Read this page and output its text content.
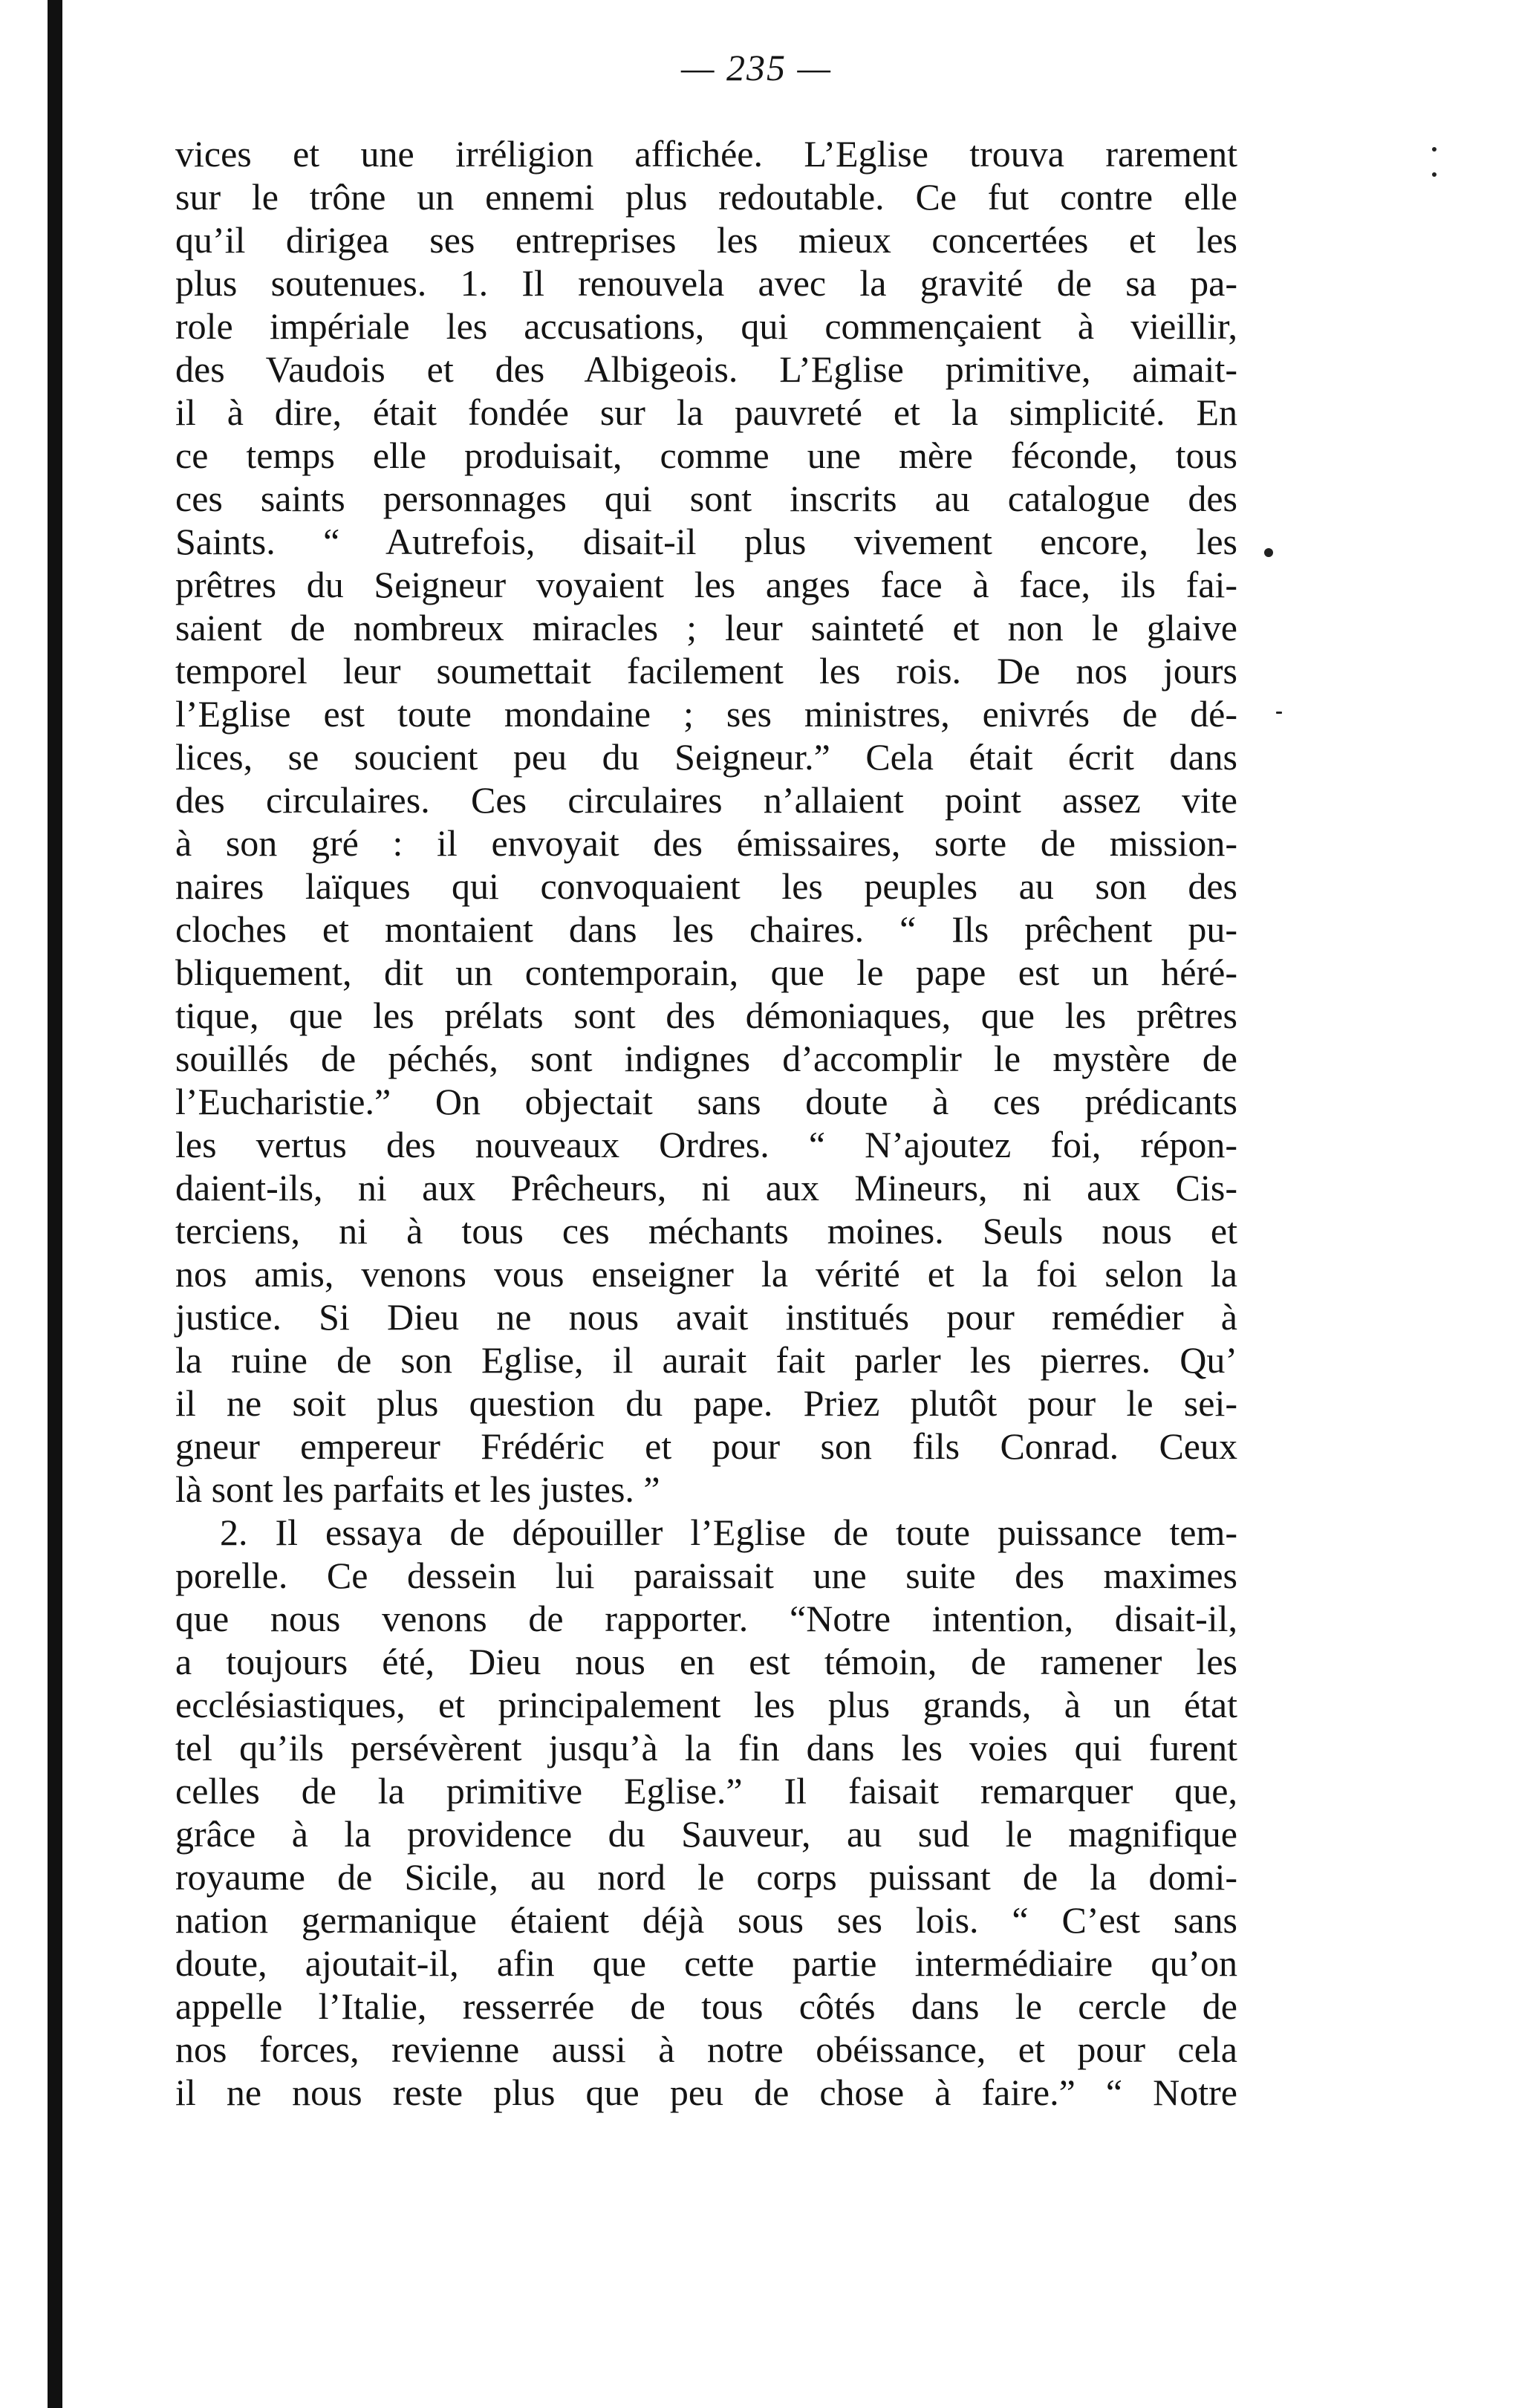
— 235 —
vices et une irréligion affichée. L’Eglise trouva rarement
sur le trône un ennemi plus redoutable. Ce fut contre elle
qu’il dirigea ses entreprises les mieux concertées et les
plus soutenues. 1. Il renouvela avec la gravité de sa pa-
role impériale les accusations, qui commençaient à vieillir,
des Vaudois et des Albigeois. L’Eglise primitive, aimait-
il à dire, était fondée sur la pauvreté et la simplicité. En
ce temps elle produisait, comme une mère féconde, tous
ces saints personnages qui sont inscrits au catalogue des
Saints. “ Autrefois, disait-il plus vivement encore, les
prêtres du Seigneur voyaient les anges face à face, ils fai-
saient de nombreux miracles ; leur sainteté et non le glaive
temporel leur soumettait facilement les rois. De nos jours
l’Eglise est toute mondaine ; ses ministres, enivrés de dé-
lices, se soucient peu du Seigneur.” Cela était écrit dans
des circulaires. Ces circulaires n’allaient point assez vite
à son gré : il envoyait des émissaires, sorte de mission-
naires laïques qui convoquaient les peuples au son des
cloches et montaient dans les chaires. “ Ils prêchent pu-
bliquement, dit un contemporain, que le pape est un héré-
tique, que les prélats sont des démoniaques, que les prêtres
souillés de péchés, sont indignes d’accomplir le mystère de
l’Eucharistie.” On objectait sans doute à ces prédicants
les vertus des nouveaux Ordres. “ N’ajoutez foi, répon-
daient-ils, ni aux Prêcheurs, ni aux Mineurs, ni aux Cis-
terciens, ni à tous ces méchants moines. Seuls nous et
nos amis, venons vous enseigner la vérité et la foi selon la
justice. Si Dieu ne nous avait institués pour remédier à
la ruine de son Eglise, il aurait fait parler les pierres. Qu’
il ne soit plus question du pape. Priez plutôt pour le sei-
gneur empereur Frédéric et pour son fils Conrad. Ceux
là sont les parfaits et les justes. ”
2. Il essaya de dépouiller l’Eglise de toute puissance tem-
porelle. Ce dessein lui paraissait une suite des maximes
que nous venons de rapporter. “Notre intention, disait-il,
a toujours été, Dieu nous en est témoin, de ramener les
ecclésiastiques, et principalement les plus grands, à un état
tel qu’ils persévèrent jusqu’à la fin dans les voies qui furent
celles de la primitive Eglise.” Il faisait remarquer que,
grâce à la providence du Sauveur, au sud le magnifique
royaume de Sicile, au nord le corps puissant de la domi-
nation germanique étaient déjà sous ses lois. “ C’est sans
doute, ajoutait-il, afin que cette partie intermédiaire qu’on
appelle l’Italie, resserrée de tous côtés dans le cercle de
nos forces, revienne aussi à notre obéissance, et pour cela
il ne nous reste plus que peu de chose à faire.” “ Notre
